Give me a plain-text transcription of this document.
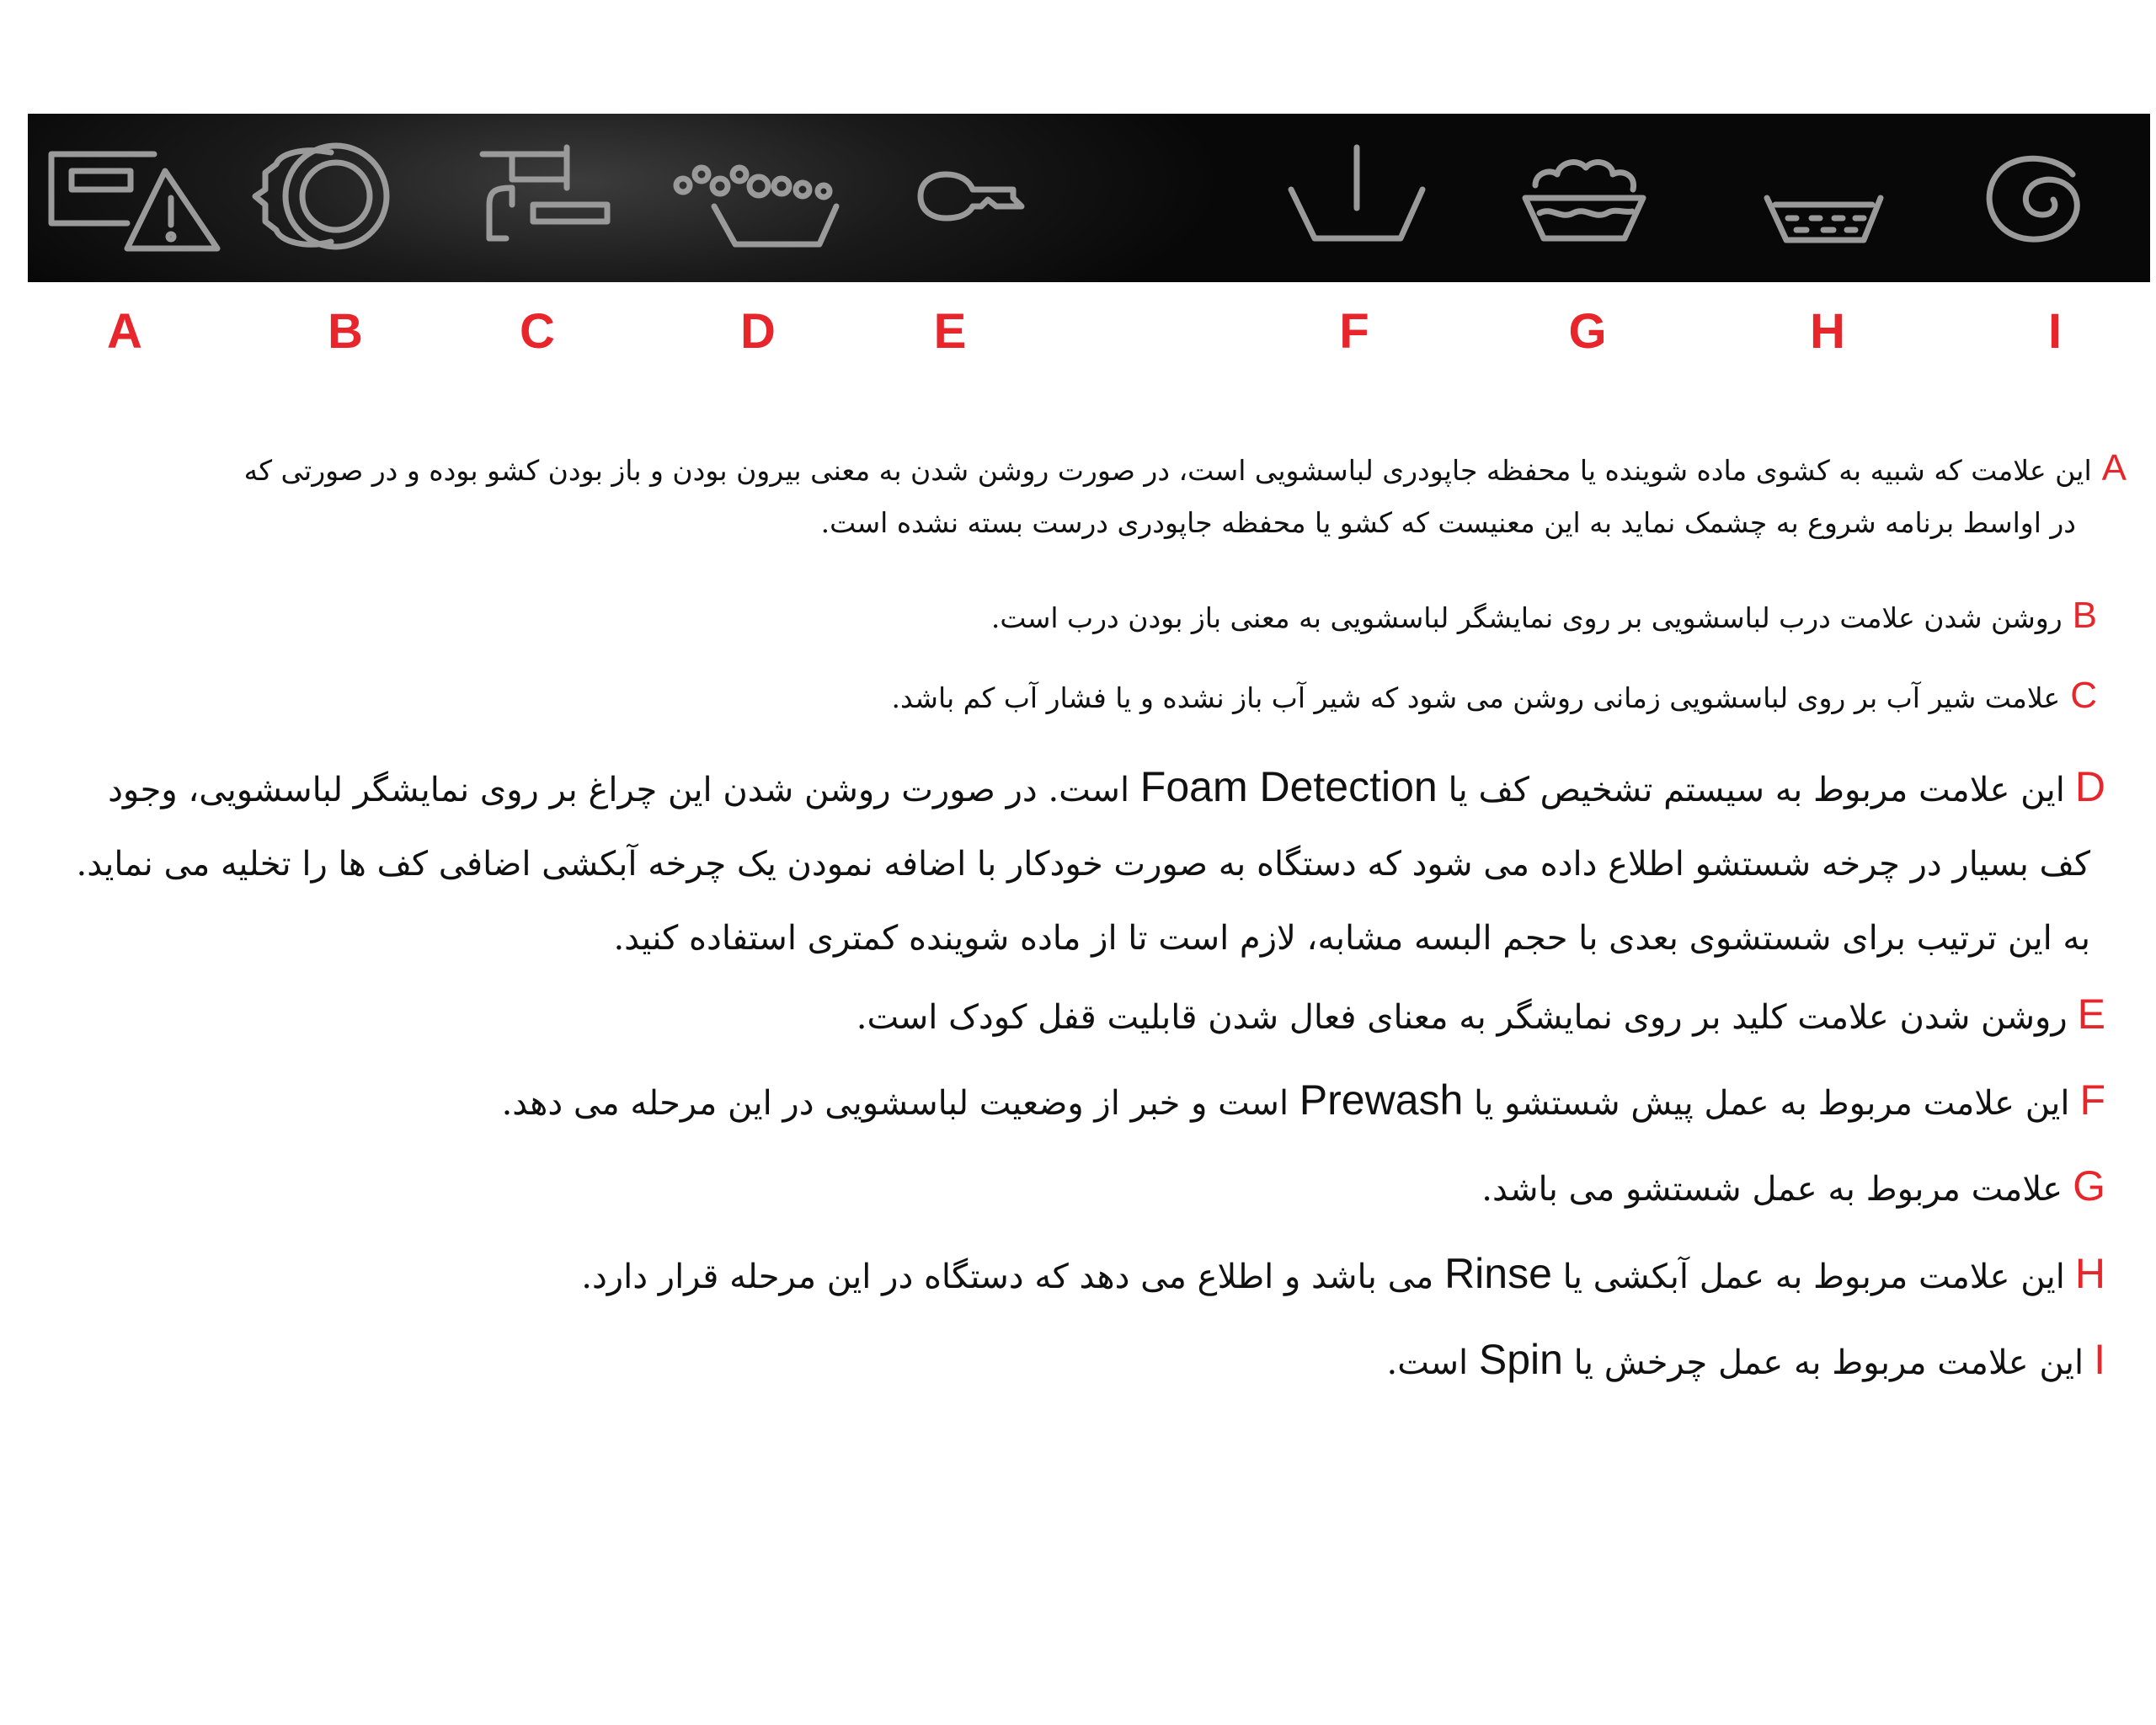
A	B	C	D	E	F	G	H	I
Aاین علامت که شبیه به کشوی ماده شوینده یا محفظه جاپودری لباسشویی است، در صورت روشن شدن به معنی بیرون بودن و باز بودن کشو بوده و در صورتی که
در اواسط برنامه شروع به چشمک نماید به این معنیست که کشو یا محفظه جاپودری درست بسته نشده است.
Bروشن شدن علامت درب لباسشویی بر روی نمایشگر لباسشویی به معنی باز بودن درب است.
Cعلامت شیر آب بر روی لباسشویی زمانی روشن می شود که شیر آب باز نشده و یا فشار آب کم باشد.
Dاین علامت مربوط به سیستم تشخیص کف یا Foam Detection است. در صورت روشن شدن این چراغ بر روی نمایشگر لباسشویی، وجود
کف بسیار در چرخه شستشو اطلاع داده می شود که دستگاه به صورت خودکار با اضافه نمودن یک چرخه آبکشی اضافی کف ها را تخلیه می نماید.
به این ترتیب برای شستشوی بعدی با حجم البسه مشابه، لازم است تا از ماده شوینده کمتری استفاده کنید.
Eروشن شدن علامت کلید بر روی نمایشگر به معنای فعال شدن قابلیت قفل کودک است.
Fاین علامت مربوط به عمل پیش شستشو یا Prewash است و خبر از وضعیت لباسشویی در این مرحله می دهد.
Gعلامت مربوط به عمل شستشو می باشد.
Hاین علامت مربوط به عمل آبکشی یا Rinse می باشد و اطلاع می دهد که دستگاه در این مرحله قرار دارد.
Iاین علامت مربوط به عمل چرخش یا Spin است.
